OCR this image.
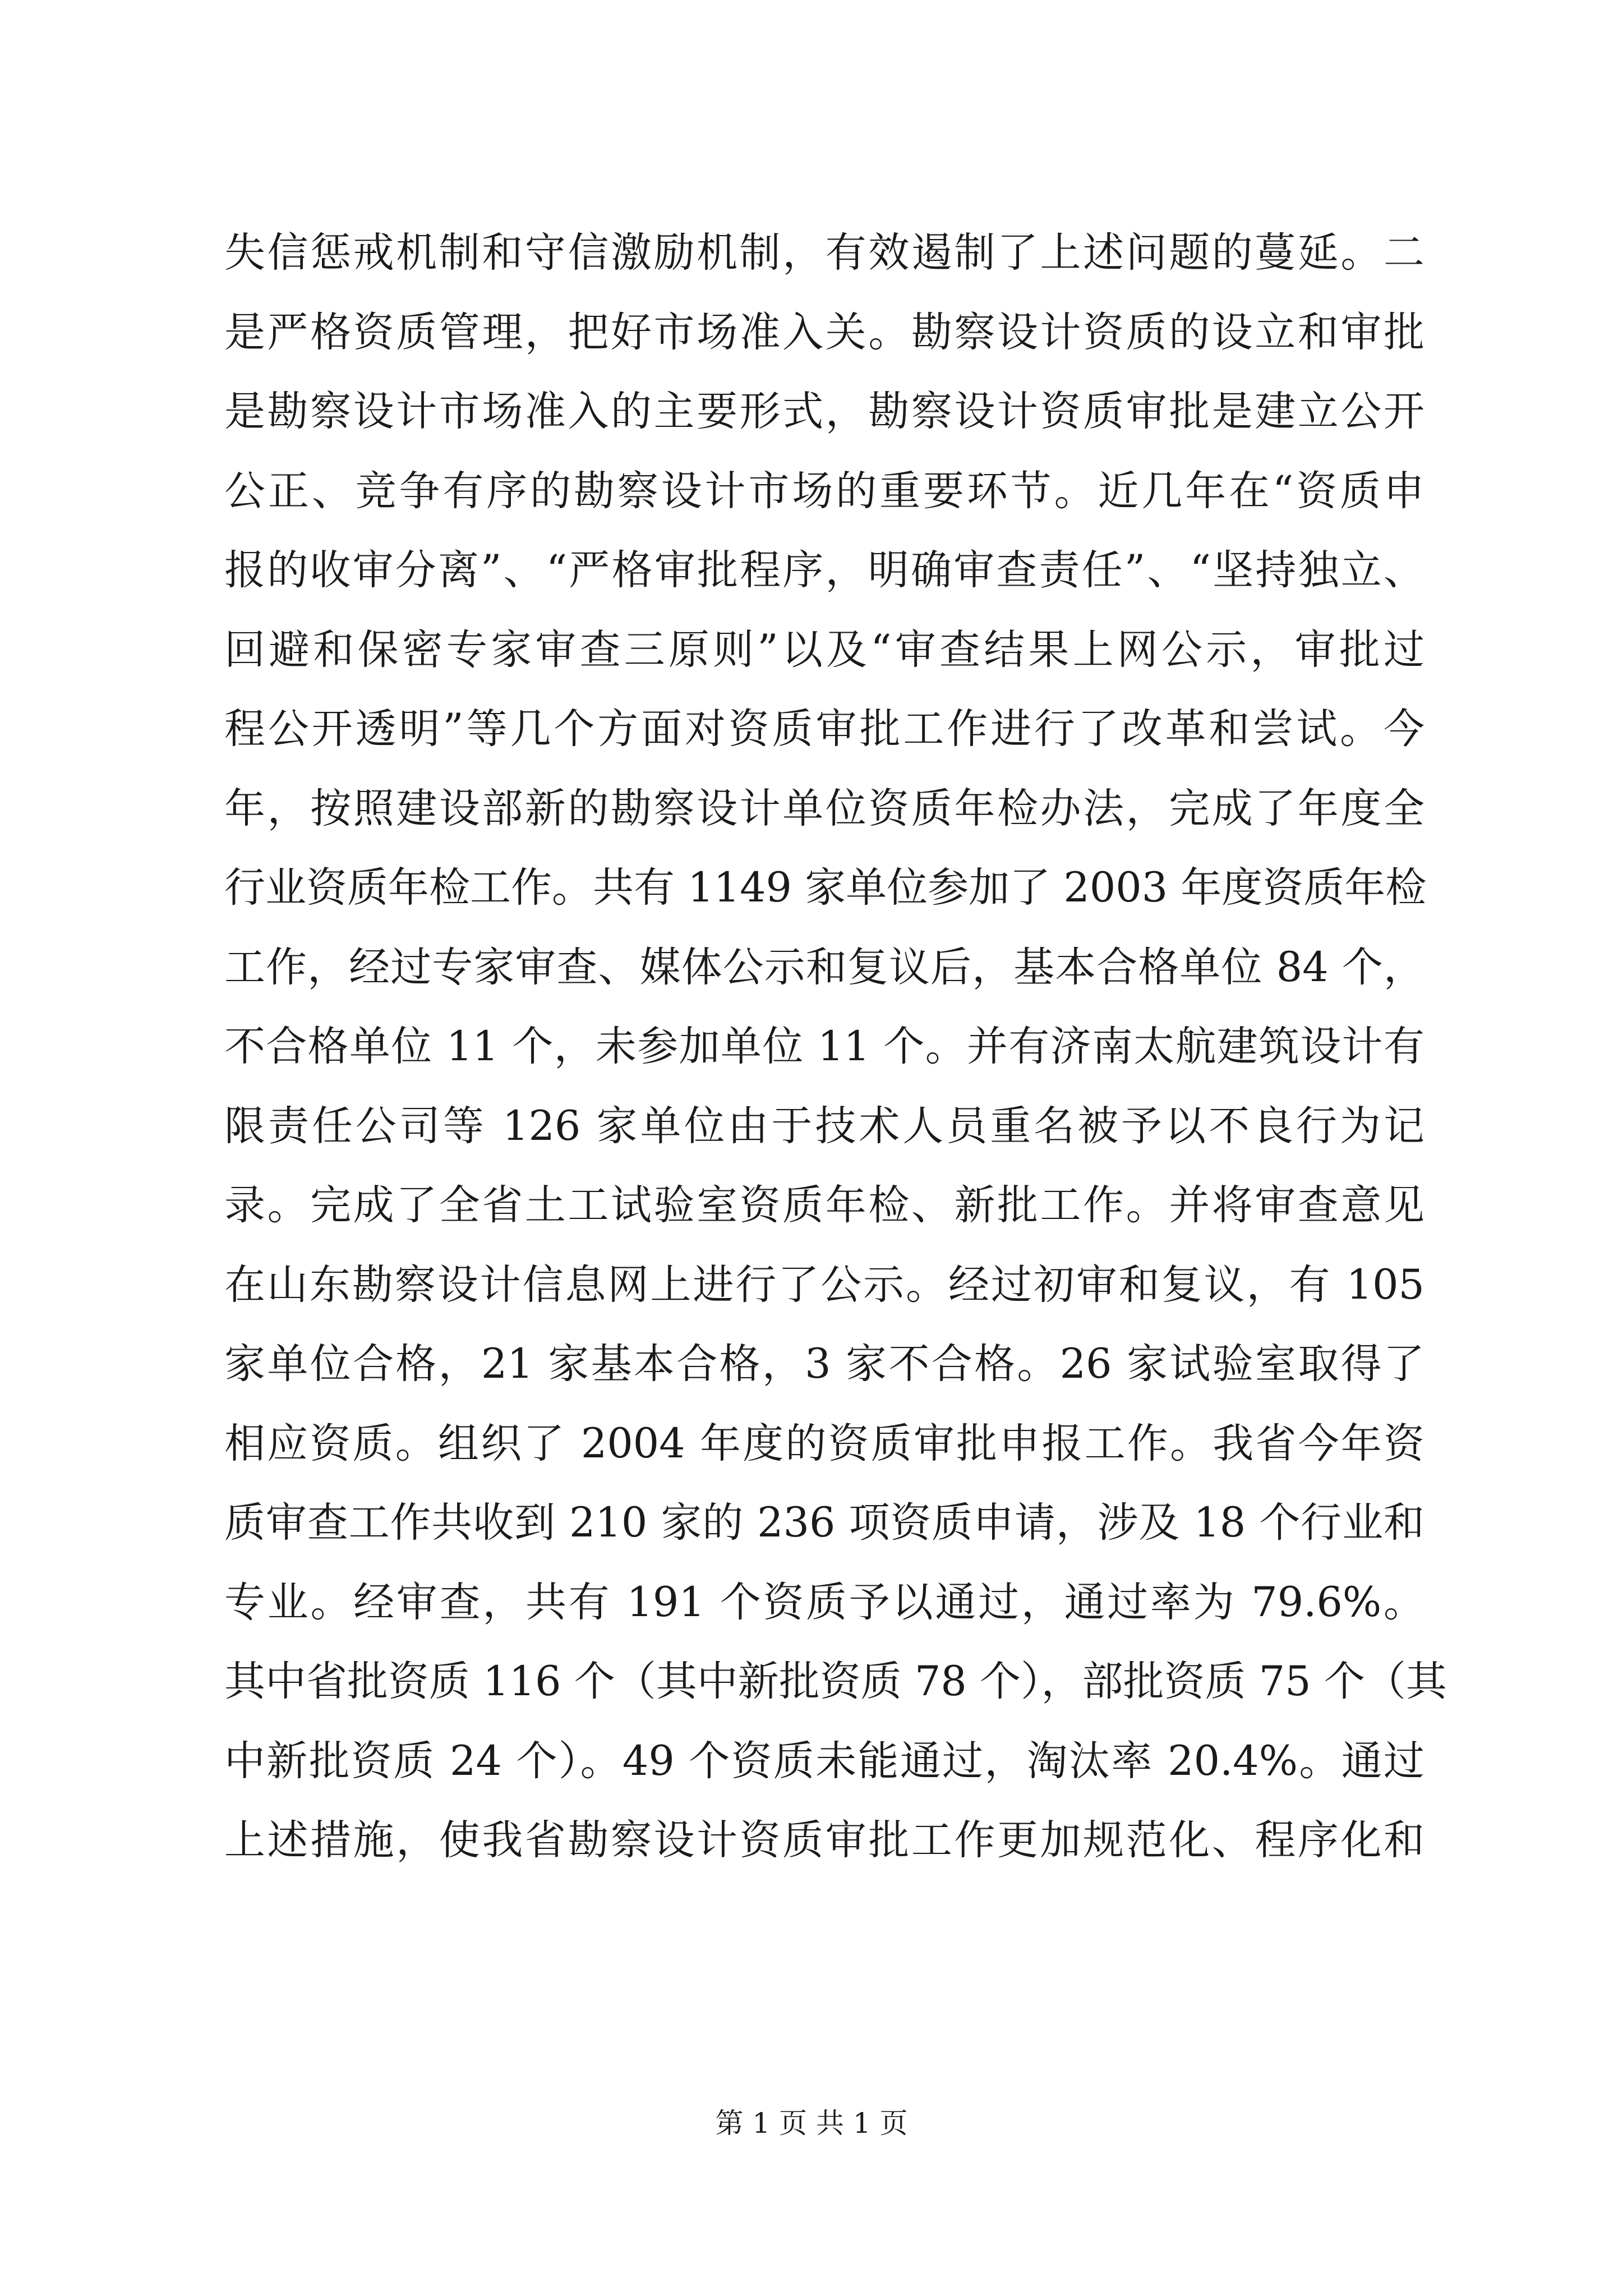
失信惩戒机制和守信激励机制，有效遏制了上述问题的蔓延。二
是严格资质管理，把好市场准入关。勘察设计资质的设立和审批
是勘察设计市场准入的主要形式，勘察设计资质审批是建立公开
公正、竞争有序的勘察设计市场的重要环节。近几年在“资质申
报的收审分离”、“严格审批程序，明确审查责任”、“坚持独立、
回避和保密专家审查三原则”以及“审查结果上网公示，审批过
程公开透明”等几个方面对资质审批工作进行了改革和尝试。今
年，按照建设部新的勘察设计单位资质年检办法，完成了年度全
行业资质年检工作。共有 1149 家单位参加了 2003 年度资质年检
工作，经过专家审查、媒体公示和复议后，基本合格单位 84 个，
不合格单位 11 个，未参加单位 11 个。并有济南太航建筑设计有
限责任公司等 126 家单位由于技术人员重名被予以不良行为记
录。完成了全省土工试验室资质年检、新批工作。并将审查意见
在山东勘察设计信息网上进行了公示。经过初审和复议，有 105
家单位合格，21 家基本合格，3 家不合格。26 家试验室取得了
相应资质。组织了 2004 年度的资质审批申报工作。我省今年资
质审查工作共收到 210 家的 236 项资质申请，涉及 18 个行业和
专业。经审查，共有 191 个资质予以通过，通过率为 79.6%。
其中省批资质 116 个（其中新批资质 78 个），部批资质 75 个（其
中新批资质 24 个）。49 个资质未能通过，淘汰率 20.4%。通过
上述措施，使我省勘察设计资质审批工作更加规范化、程序化和
第 1 页 共 1 页
